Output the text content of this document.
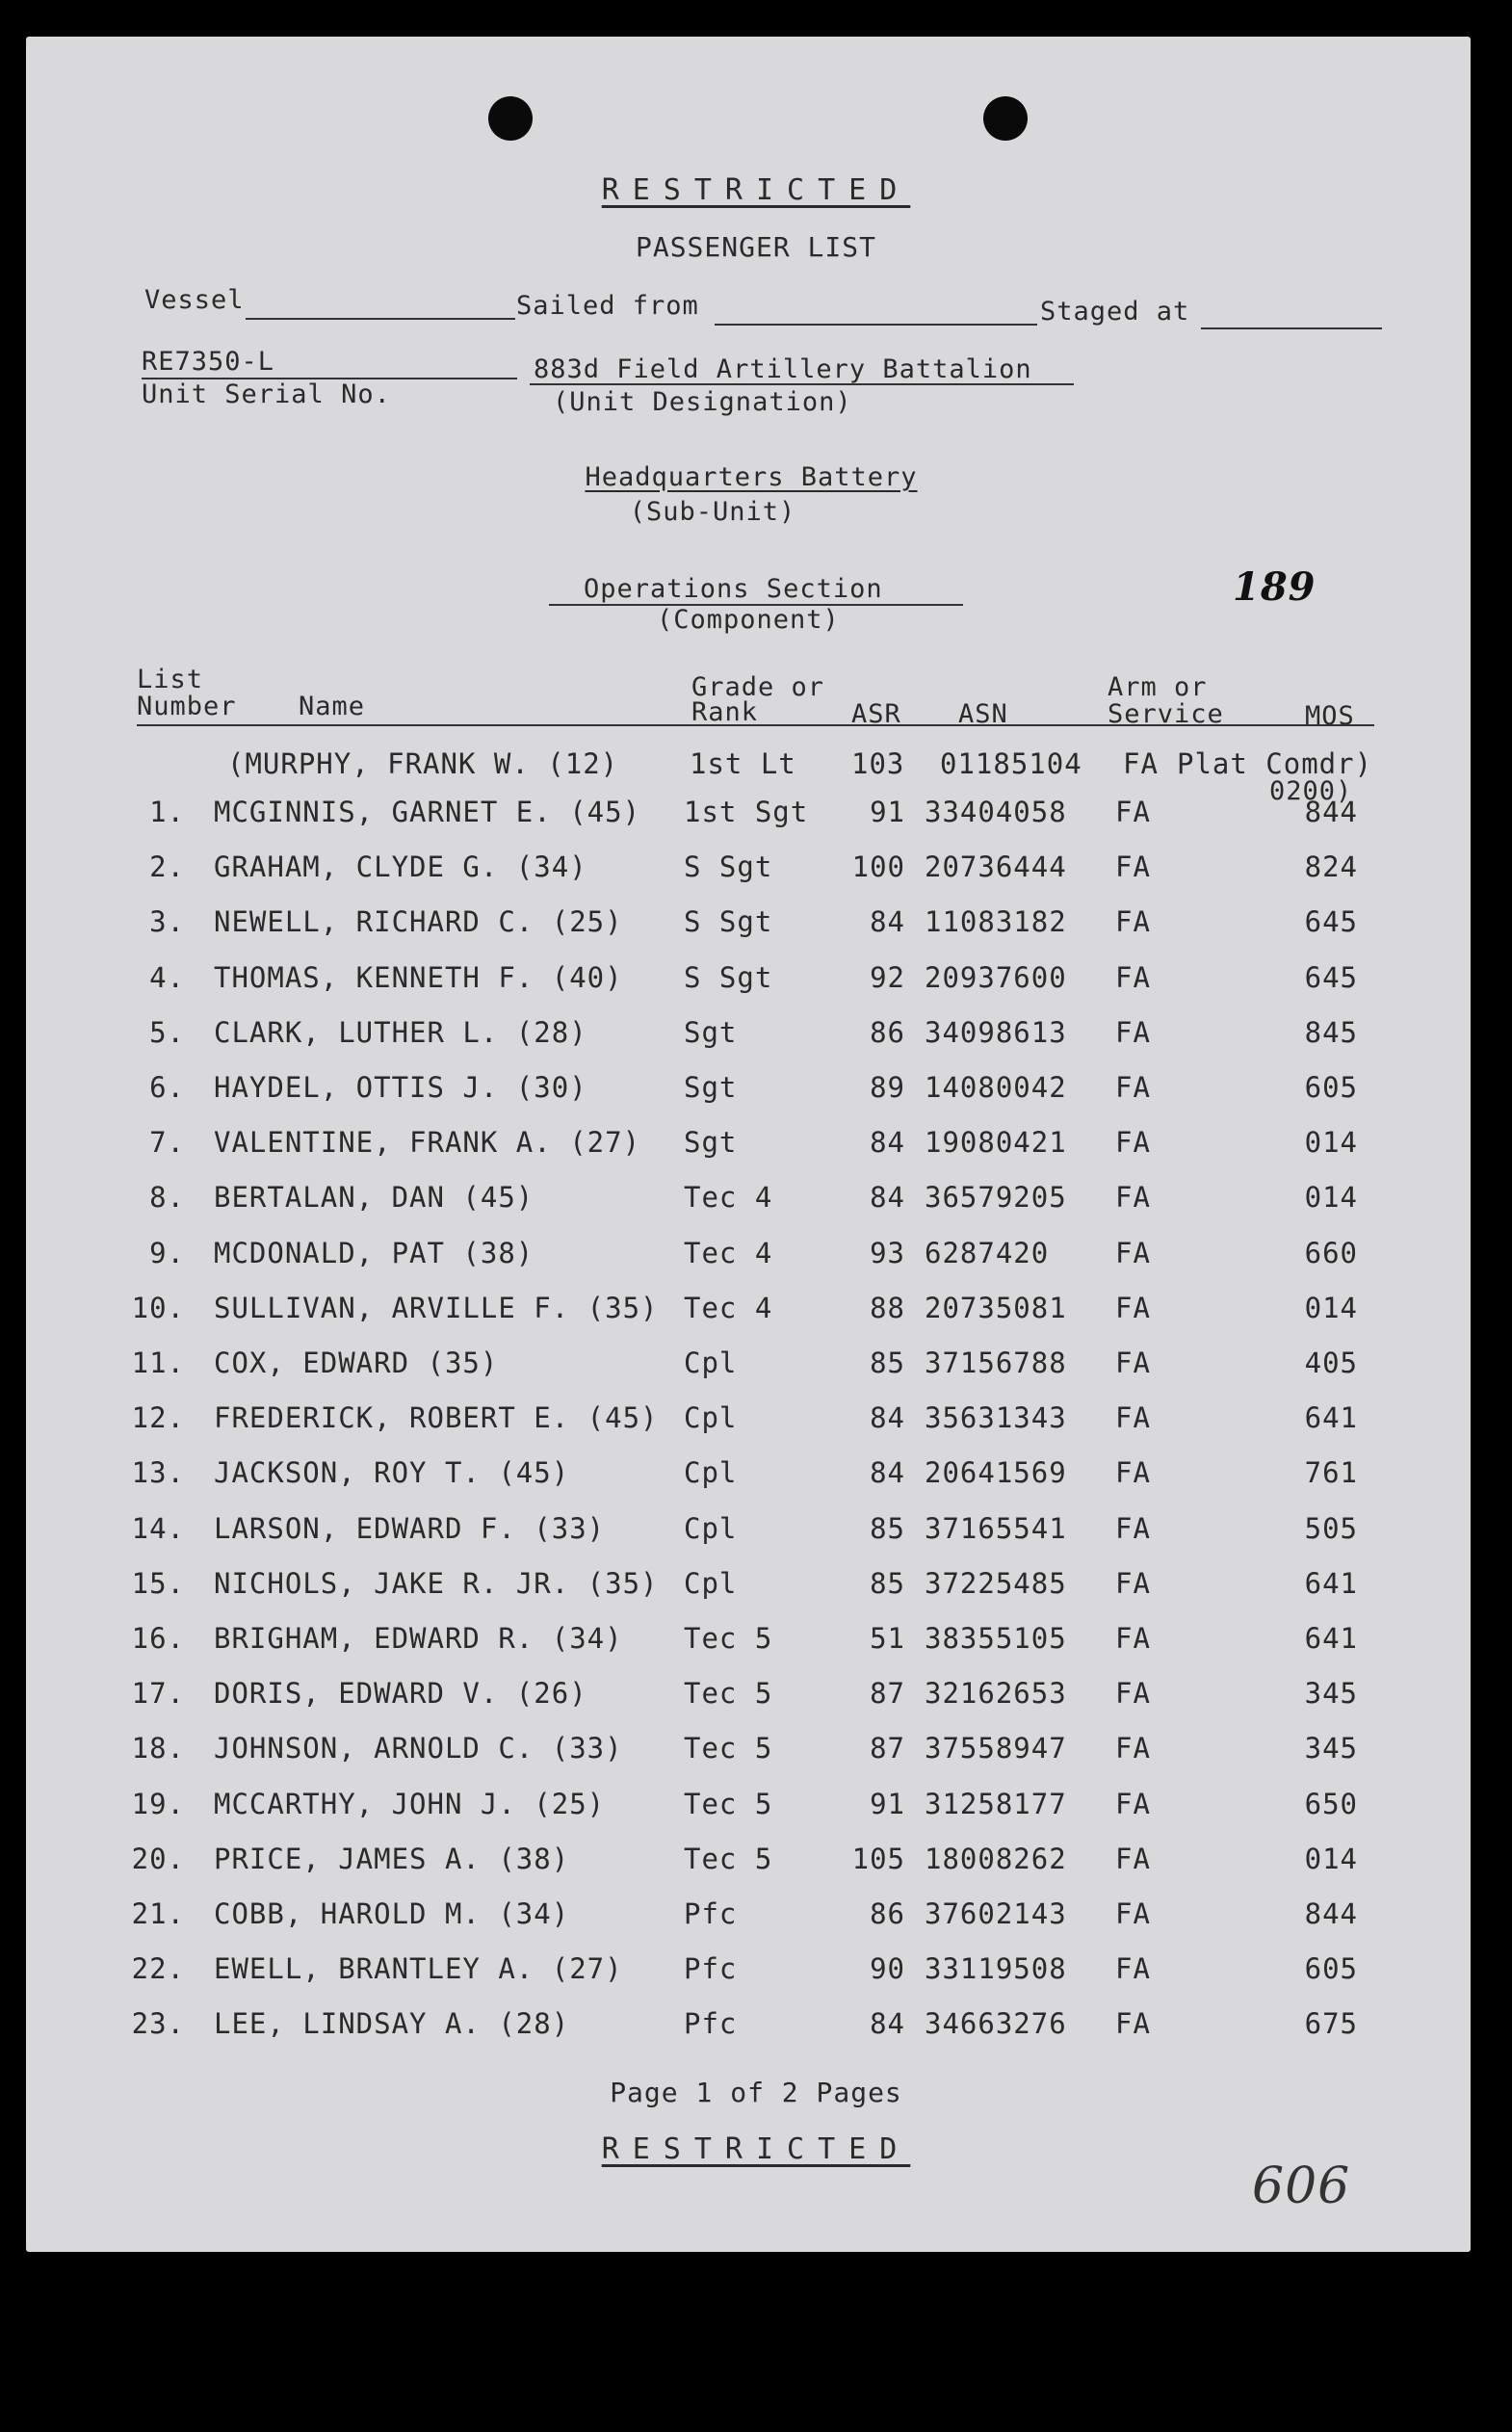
RESTRICTED
PASSENGER LIST
Vessel	Sailed from	Staged at
RE7350-L
Unit Serial No.
883d Field Artillery Battalion
(Unit Designation)
Headquarters Battery
(Sub-Unit)
Operations Section
(Component)
189
List
Number Name
Grade or
Rank	ASR ASN
Arm or
Service	MOS
(MURPHY, FRANK W. (12)	1st Lt 103 01185104 FA Plat Comdr)
0200)
1. MCGINNIS, GARNET E. (45)	1st Sgt	91 33404058	FA	844
2. GRAHAM, CLYDE G. (34)	S Sgt	100 20736444	FA	824
3. NEWELL, RICHARD C. (25)	S Sgt	84 11083182	FA	645
4. THOMAS, KENNETH F. (40)	S Sgt	92 20937600	FA	645
5. CLARK, LUTHER L. (28)	Sgt	86 34098613	FA	845
6. HAYDEL, OTTIS J. (30)	Sgt	89 14080042	FA	605
7. VALENTINE, FRANK A. (27)	Sgt	84 19080421	FA	014
8. BERTALAN, DAN (45)	Tec 4	84 36579205	FA	014
9. MCDONALD, PAT (38)	Tec 4	93 6287420	FA	660
10. SULLIVAN, ARVILLE F. (35) Tec 4	88 20735081	FA	014
11. COX, EDWARD (35)	Cpl	85 37156788	FA	405
12. FREDERICK, ROBERT E. (45) Cpl	84 35631343	FA	641
13. JACKSON, ROY T. (45)	Cpl	84 20641569	FA	761
14. LARSON, EDWARD F. (33)	Cpl	85 37165541	FA	505
15. NICHOLS, JAKE R. JR. (35) Cpl	85 37225485	FA	641
16. BRIGHAM, EDWARD R. (34)	Tec 5	51 38355105	FA	641
17. DORIS, EDWARD V. (26)	Tec 5	87 32162653	FA	345
18. JOHNSON, ARNOLD C. (33)	Tec 5	87 37558947	FA	345
19. MCCARTHY, JOHN J. (25)	Tec 5	91 31258177	FA	650
20. PRICE, JAMES A. (38)	Tec 5	105 18008262	FA	014
21. COBB, HAROLD M. (34)	Pfc	86 37602143	FA	844
22. EWELL, BRANTLEY A. (27)	Pfc	90 33119508	FA	605
23. LEE, LINDSAY A. (28)	Pfc	84 34663276	FA	675
Page 1 of 2 Pages
RESTRICTED
606
